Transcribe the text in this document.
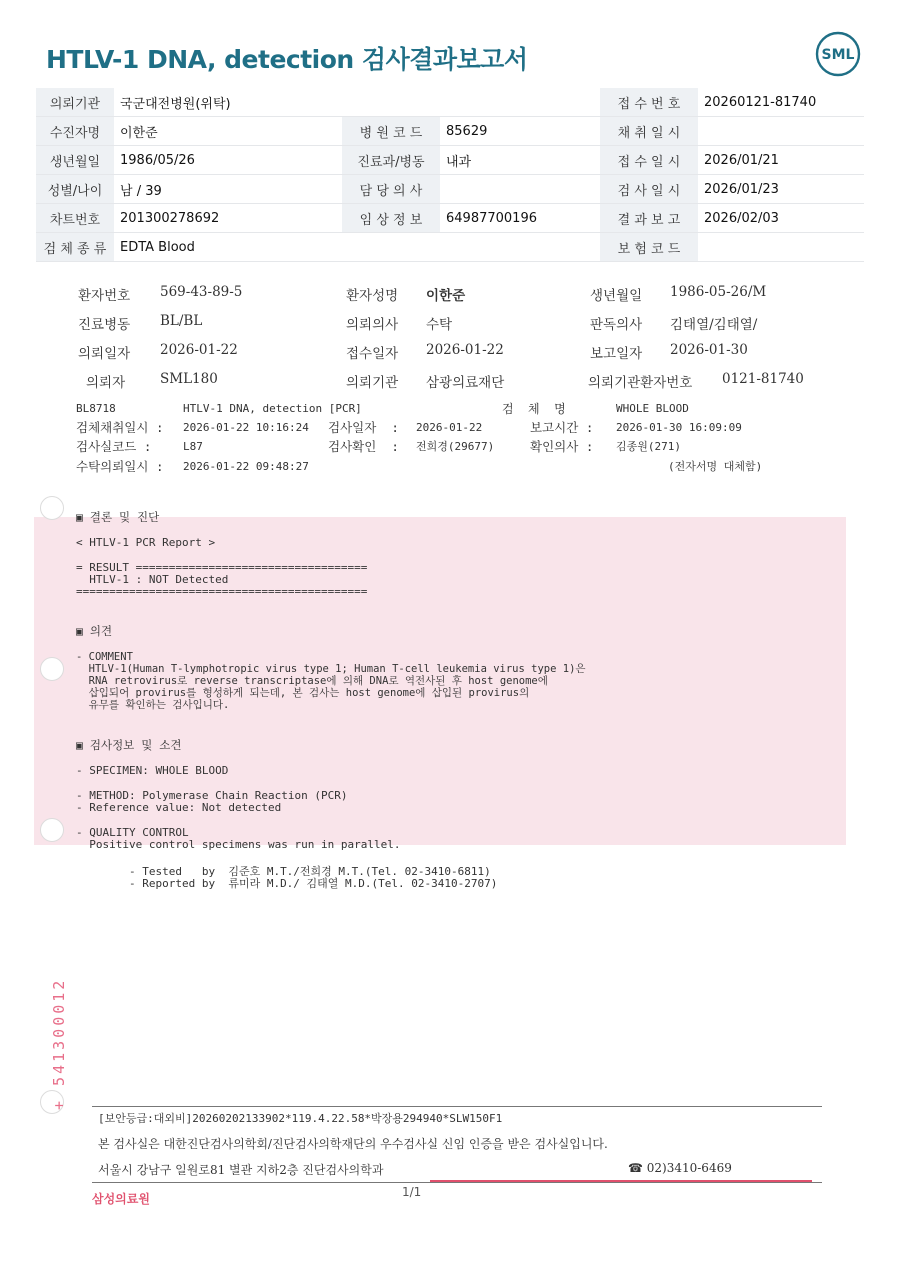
HTLV-1 DNA, detection 검사결과보고서	SML
의뢰기관	국군대전병원(위탁)			접 수 번 호	20260121-81740
수진자명	이한준	병 원 코 드	85629	채 취 일 시	
생년월일	1986/05/26	진료과/병동	내과	접 수 일 시	2026/01/21
성별/나이	남 / 39	담 당 의 사		검 사 일 시	2026/01/23
차트번호	201300278692	임 상 정 보	64987700196	결 과 보 고	2026/02/03
검 체 종 류	EDTA Blood			보 험 코 드	
환자번호 569-43-89-5	환자성명 이한준	생년월일 1986-05-26/M
진료병동 BL/BL	의뢰의사 수탁	판독의사 김태열/김태열/
의뢰일자 2026-01-22	접수일자 2026-01-22	보고일자 2026-01-30
의뢰자	SML180	의뢰기관 삼광의료재단	의뢰기관환자번호 0121-81740
BL8718	HTLV-1 DNA, detection [PCR]	검  체  명	WHOLE BLOOD
검체채취일시 : 2026-01-22 10:16:24 검사일자  : 2026-01-22	보고시간 : 2026-01-30 16:09:09
검사실코드 :	L87	검사확인  : 전희경(29677)	확인의사 : 김종원(271)
수탁의뢰일시 : 2026-01-22 09:48:27	(전자서명 대체함)
▣ 결론 및 진단
< HTLV-1 PCR Report >
= RESULT ===================================
HTLV-1 : NOT Detected
============================================
▣ 의견
- COMMENT
HTLV-1(Human T-lymphotropic virus type 1; Human T-cell leukemia virus type 1)은
RNA retrovirus로 reverse transcriptase에 의해 DNA로 역전사된 후 host genome에
삽입되어 provirus를 형성하게 되는데, 본 검사는 host genome에 삽입된 provirus의
유무를 확인하는 검사입니다.
▣ 검사정보 및 소견
- SPECIMEN: WHOLE BLOOD
- METHOD: Polymerase Chain Reaction (PCR)
- Reference value: Not detected
- QUALITY CONTROL
Positive control specimens was run in parallel.
- Tested   by  김준호 M.T./전희경 M.T.(Tel. 02-3410-6811)
- Reported by  류미라 M.D./ 김태열 M.D.(Tel. 02-3410-2707)
+ 541300012
[보안등급:대외비]20260202133902*119.4.22.58*박장용294940*SLW150F1
본 검사실은 대한진단검사의학회/진단검사의학재단의 우수검사실 신임 인증을 받은 검사실입니다.
서울시 강남구 일원로81 별관 지하2층 진단검사의학과	☎ 02)3410-6469
삼성의료원	1/1
